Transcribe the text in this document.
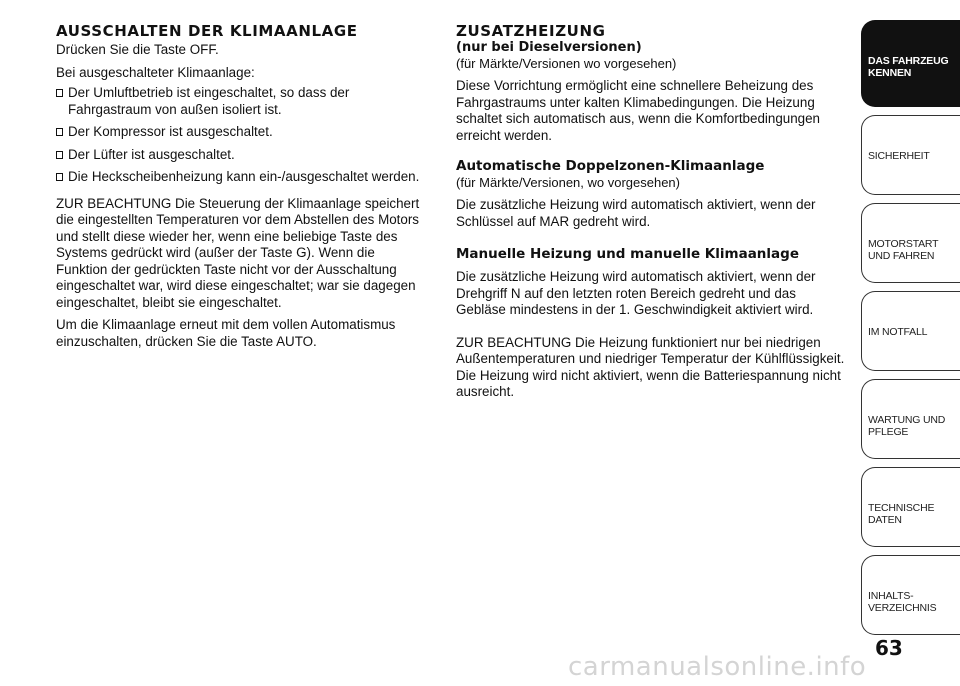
AUSSCHALTEN DER KLIMAANLAGE

Drücken Sie die Taste OFF.

Bei ausgeschalteter Klimaanlage:

Der Umluftbetrieb ist eingeschaltet, so dass der Fahrgastraum von außen isoliert ist.
Der Kompressor ist ausgeschaltet.
Der Lüfter ist ausgeschaltet.
Die Heckscheibenheizung kann ein-/ausgeschaltet werden.

ZUR BEACHTUNG Die Steuerung der Klimaanlage speichert die eingestellten Temperaturen vor dem Abstellen des Motors und stellt diese wieder her, wenn eine beliebige Taste des Systems gedrückt wird (außer der Taste G). Wenn die Funktion der gedrückten Taste nicht vor der Ausschaltung eingeschaltet war, wird diese eingeschaltet; war sie dagegen eingeschaltet, bleibt sie eingeschaltet.

Um die Klimaanlage erneut mit dem vollen Automatismus einzuschalten, drücken Sie die Taste AUTO.

ZUSATZHEIZUNG
(nur bei Dieselversionen)
(für Märkte/Versionen wo vorgesehen)

Diese Vorrichtung ermöglicht eine schnellere Beheizung des Fahrgastraums unter kalten Klimabedingungen. Die Heizung schaltet sich automatisch aus, wenn die Komfortbedingungen erreicht werden.

Automatische Doppelzonen-Klimaanlage
(für Märkte/Versionen, wo vorgesehen)

Die zusätzliche Heizung wird automatisch aktiviert, wenn der Schlüssel auf MAR gedreht wird.

Manuelle Heizung und manuelle Klimaanlage

Die zusätzliche Heizung wird automatisch aktiviert, wenn der Drehgriff N auf den letzten roten Bereich gedreht und das Gebläse mindestens in der 1. Geschwindigkeit aktiviert wird.

ZUR BEACHTUNG Die Heizung funktioniert nur bei niedrigen Außentemperaturen und niedriger Temperatur der Kühlflüssigkeit. Die Heizung wird nicht aktiviert, wenn die Batteriespannung nicht ausreicht.

DAS FAHRZEUG KENNEN
SICHERHEIT
MOTORSTART UND FAHREN
IM NOTFALL
WARTUNG UND PFLEGE
TECHNISCHE DATEN
INHALTS-VERZEICHNIS
63
carmanualsonline.info
